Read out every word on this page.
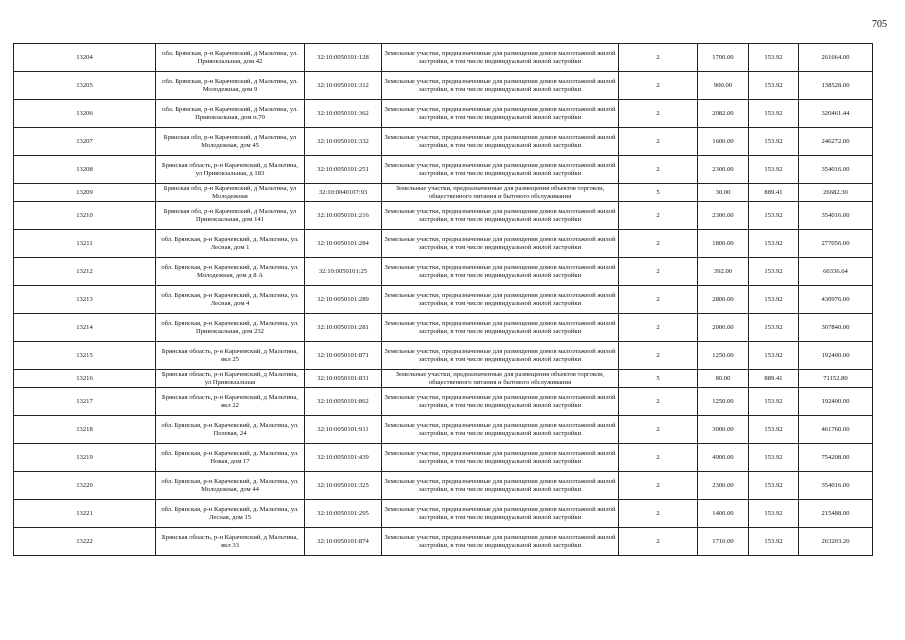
705
13204	обл. Брянская, р-н Карачевский, д Мальтина, ул. Привокзальная, дом 42	32:10:0050101:128	Земельные участки, предназначенные для размещения домов малоэтажной жилой застройки, в том числе индивидуальной жилой застройки	2	1700.00	153.92	261664.00
13205	обл. Брянская, р-н Карачевский, д Мальтина, ул. Молодежная, дом 9	32:10:0050101:312	Земельные участки, предназначенные для размещения домов малоэтажной жилой застройки, в том числе индивидуальной жилой застройки	2	900.00	153.92	138528.00
13206	обл. Брянская, р-н Карачевский, д Мальтина, ул. Привокзальная, дом п.70	32:10:0050101:362	Земельные участки, предназначенные для размещения домов малоэтажной жилой застройки, в том числе индивидуальной жилой застройки	2	2082.00	153.92	320461.44
13207	Брянская обл, р-н Карачевский, д Мальтина, ул Молодежная, дом 45	32:10:0050101:332	Земельные участки, предназначенные для размещения домов малоэтажной жилой застройки, в том числе индивидуальной жилой застройки	2	1600.00	153.92	246272.00
13208	Брянская область, р-н Карачевский, д Мальтина, ул Привокзальная, д 183	32:10:0050101:251	Земельные участки, предназначенные для размещения домов малоэтажной жилой застройки, в том числе индивидуальной жилой застройки	2	2300.00	153.92	354016.00
13209	Брянская обл, р-н Карачевский, д Мальтина, ул Молодежная	32:10:0040107:93	Земельные участки, предназначенные для размещения объектов торговли, общественного питания и бытового обслуживания	5	30.00	889.41	26682.30
13210	Брянская обл, р-н Карачевский, д Мальтина, ул Привокзальная, дом 141	32:10:0050101:216	Земельные участки, предназначенные для размещения домов малоэтажной жилой застройки, в том числе индивидуальной жилой застройки	2	2300.00	153.92	354016.00
13211	обл. Брянская, р-н Карачевский, д. Мальтина, ул. Лесная, дом 1	32:10:0050101:284	Земельные участки, предназначенные для размещения домов малоэтажной жилой застройки, в том числе индивидуальной жилой застройки	2	1800.00	153.92	277056.00
13212	обл. Брянская, р-н Карачевский, д. Мальтина, ул. Молодежная, дом д 8 А	32:10:0050101:25	Земельные участки, предназначенные для размещения домов малоэтажной жилой застройки, в том числе индивидуальной жилой застройки	2	392.00	153.92	60336.64
13213	обл. Брянская, р-н Карачевский, д. Мальтина, ул. Лесная, дом 4	32:10:0050101:289	Земельные участки, предназначенные для размещения домов малоэтажной жилой застройки, в том числе индивидуальной жилой застройки	2	2800.00	153.92	430976.00
13214	обл. Брянская, р-н Карачевский, д. Мальтина, ул. Привокзальная, дом 232	32:10:0050101:281	Земельные участки, предназначенные для размещения домов малоэтажной жилой застройки, в том числе индивидуальной жилой застройки	2	2000.00	153.92	307840.00
13215	Брянская область, р-н Карачевский, д Мальтина, вкл 25	32:10:0050101:871	Земельные участки, предназначенные для размещения домов малоэтажной жилой застройки, в том числе индивидуальной жилой застройки	2	1250.00	153.92	192400.00
13216	Брянская область, р-н Карачевский, д Мальтина, ул Привокзальная	32:10:0050101:831	Земельные участки, предназначенные для размещения объектов торговли, общественного питания и бытового обслуживания	5	80.00	889.41	71152.80
13217	Брянская область, р-н Карачевский, д Мальтина, вкл 22	32:10:0050101:862	Земельные участки, предназначенные для размещения домов малоэтажной жилой застройки, в том числе индивидуальной жилой застройки	2	1250.00	153.92	192400.00
13218	обл. Брянская, р-н Карачевский, д. Мальтина, ул. Полевая, 24	32:10:0050101:911	Земельные участки, предназначенные для размещения домов малоэтажной жилой застройки, в том числе индивидуальной жилой застройки	2	3000.00	153.92	461760.00
13219	обл. Брянская, р-н Карачевский, д. Мальтина, ул. Новая, дом 17	32:10:0050101:439	Земельные участки, предназначенные для размещения домов малоэтажной жилой застройки, в том числе индивидуальной жилой застройки	2	4900.00	153.92	754208.00
13220	обл. Брянская, р-н Карачевский, д. Мальтина, ул. Молодежная, дом 44	32:10:0050101:325	Земельные участки, предназначенные для размещения домов малоэтажной жилой застройки, в том числе индивидуальной жилой застройки	2	2300.00	153.92	354016.00
13221	обл. Брянская, р-н Карачевский, д. Мальтина, ул. Лесная, дом 15	32:10:0050101:295	Земельные участки, предназначенные для размещения домов малоэтажной жилой застройки, в том числе индивидуальной жилой застройки	2	1400.00	153.92	215488.00
13222	Брянская область, р-н Карачевский, д Мальтина, вкл 33	32:10:0050101:874	Земельные участки, предназначенные для размещения домов малоэтажной жилой застройки, в том числе индивидуальной жилой застройки	2	1710.00	153.92	263203.20
